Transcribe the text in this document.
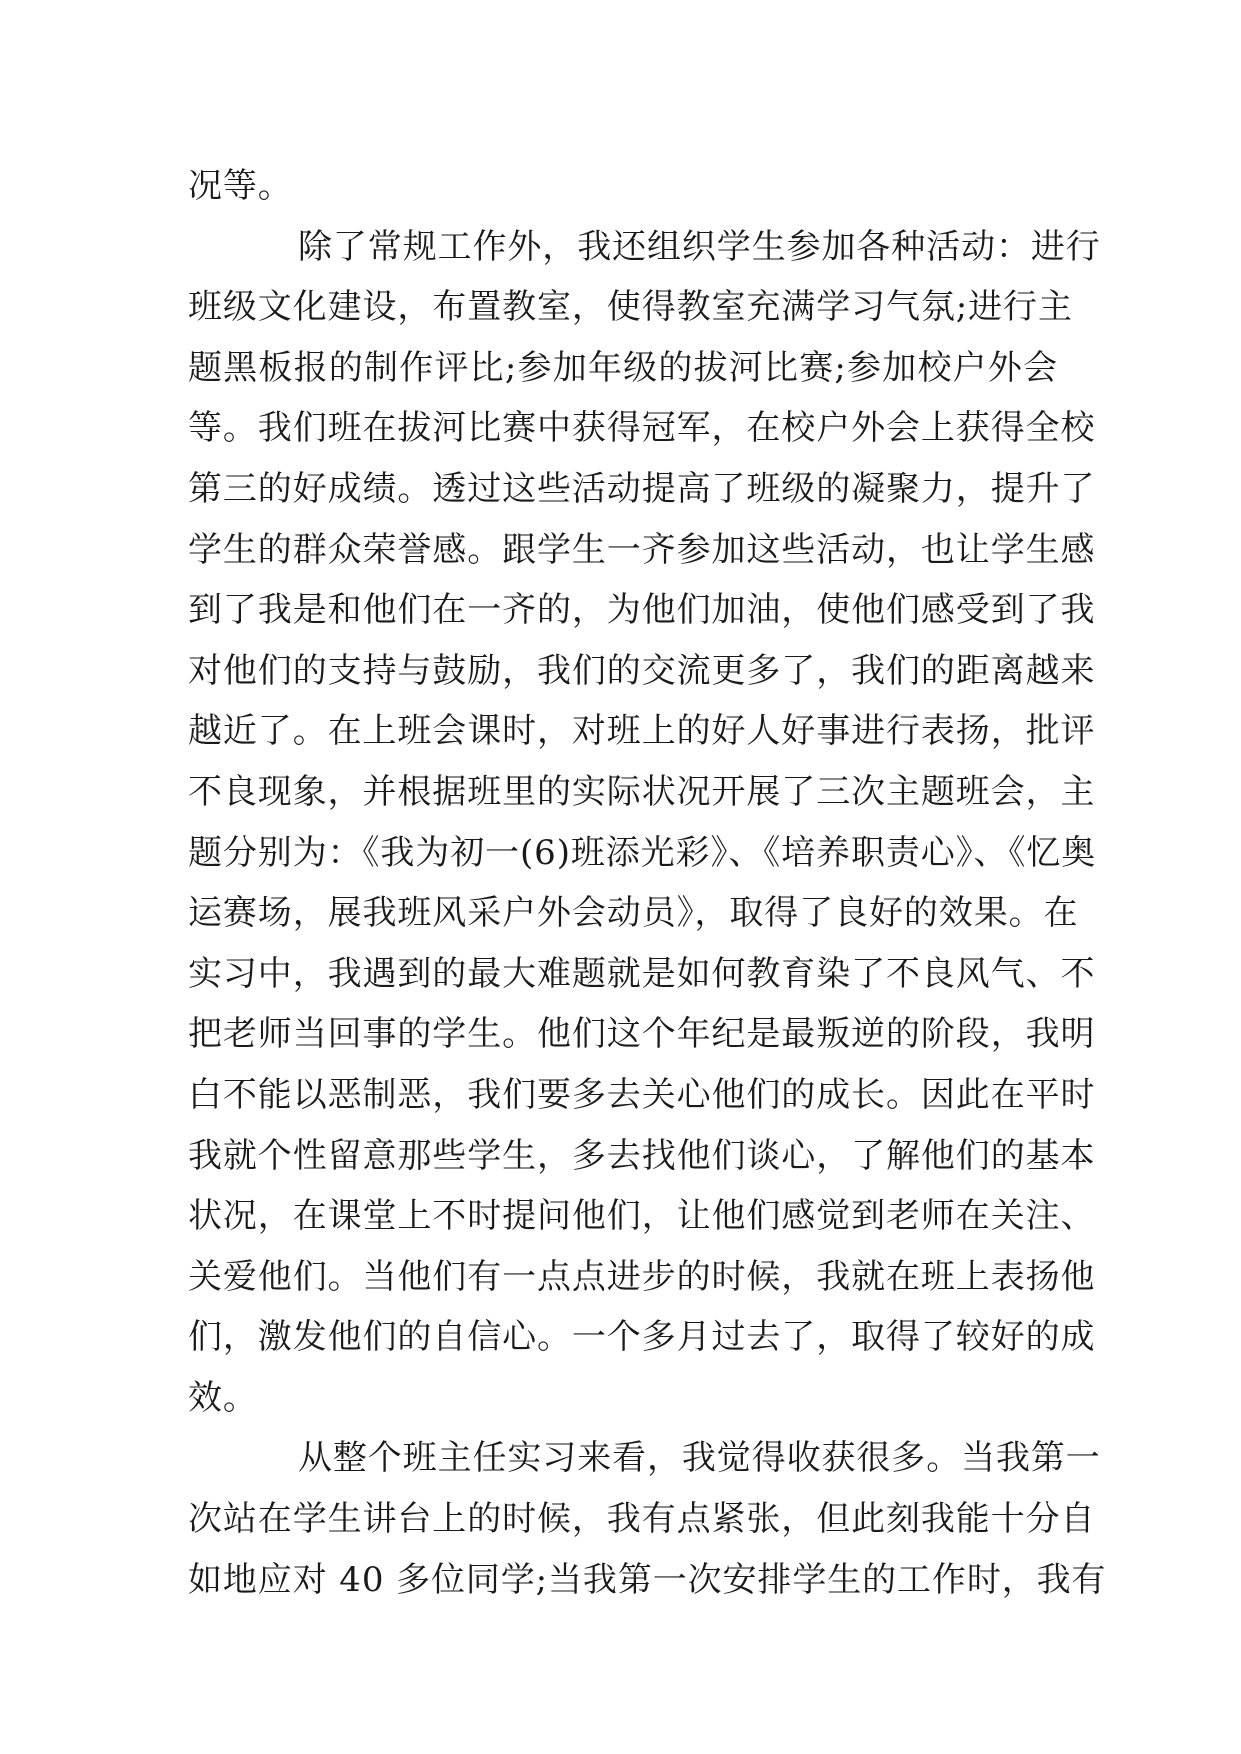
况等。
除了常规工作外，我还组织学生参加各种活动：进行
班级文化建设，布置教室，使得教室充满学习气氛;进行主
题黑板报的制作评比;参加年级的拔河比赛;参加校户外会
等。我们班在拔河比赛中获得冠军，在校户外会上获得全校
第三的好成绩。透过这些活动提高了班级的凝聚力，提升了
学生的群众荣誉感。跟学生一齐参加这些活动，也让学生感
到了我是和他们在一齐的，为他们加油，使他们感受到了我
对他们的支持与鼓励，我们的交流更多了，我们的距离越来
越近了。在上班会课时，对班上的好人好事进行表扬，批评
不良现象，并根据班里的实际状况开展了三次主题班会，主
题分别为：《我为初一(6)班添光彩》、《培养职责心》、《忆奥
运赛场，展我班风采户外会动员》，取得了良好的效果。在
实习中，我遇到的最大难题就是如何教育染了不良风气、不
把老师当回事的学生。他们这个年纪是最叛逆的阶段，我明
白不能以恶制恶，我们要多去关心他们的成长。因此在平时
我就个性留意那些学生，多去找他们谈心，了解他们的基本
状况，在课堂上不时提问他们，让他们感觉到老师在关注、
关爱他们。当他们有一点点进步的时候，我就在班上表扬他
们，激发他们的自信心。一个多月过去了，取得了较好的成
效。
从整个班主任实习来看，我觉得收获很多。当我第一
次站在学生讲台上的时候，我有点紧张，但此刻我能十分自
如地应对 40 多位同学;当我第一次安排学生的工作时，我有
